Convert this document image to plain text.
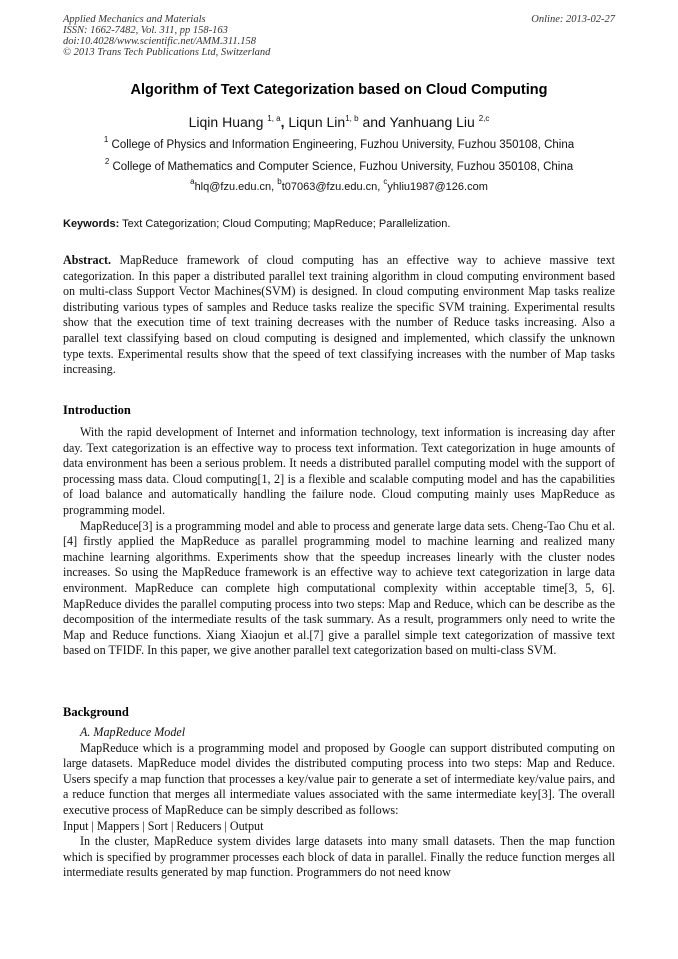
Applied Mechanics and Materials
ISSN: 1662-7482, Vol. 311, pp 158-163
doi:10.4028/www.scientific.net/AMM.311.158
© 2013 Trans Tech Publications Ltd, Switzerland
Online: 2013-02-27
Algorithm of Text Categorization based on Cloud Computing
Liqin Huang $^{1, a}$, Liqun Lin$^{1, b}$ and Yanhuang Liu $^{2,c}$
$^1$ College of Physics and Information Engineering, Fuzhou University, Fuzhou 350108, China
$^2$ College of Mathematics and Computer Science, Fuzhou University, Fuzhou 350108, China
$^a$hlq@fzu.edu.cn, $^b$t07063@fzu.edu.cn, $^c$yhliu1987@126.com
Keywords: Text Categorization; Cloud Computing; MapReduce; Parallelization.
Abstract. MapReduce framework of cloud computing has an effective way to achieve massive text categorization. In this paper a distributed parallel text training algorithm in cloud computing environment based on multi-class Support Vector Machines(SVM) is designed. In cloud computing environment Map tasks realize distributing various types of samples and Reduce tasks realize the specific SVM training. Experimental results show that the execution time of text training decreases with the number of Reduce tasks increasing. Also a parallel text classifying based on cloud computing is designed and implemented, which classify the unknown type texts. Experimental results show that the speed of text classifying increases with the number of Map tasks increasing.
Introduction

With the rapid development of Internet and information technology, text information is increasing day after day. Text categorization is an effective way to process text information. Text categorization in huge amounts of data environment has been a serious problem. It needs a distributed parallel computing model with the support of processing mass data. Cloud computing[1, 2] is a flexible and scalable computing model and has the capabilities of load balance and automatically handling the failure node. Cloud computing mainly uses MapReduce as programming model.

MapReduce[3] is a programming model and able to process and generate large data sets. Cheng-Tao Chu et al.[4] firstly applied the MapReduce as parallel programming model to machine learning and realized many machine learning algorithms. Experiments show that the speedup increases linearly with the cluster nodes increases. So using the MapReduce framework is an effective way to achieve text categorization in large data environment. MapReduce can complete high computational complexity within acceptable time[3, 5, 6]. MapReduce divides the parallel computing process into two steps: Map and Reduce, which can be describe as the decomposition of the intermediate results of the task summary. As a result, programmers only need to write the Map and Reduce functions. Xiang Xiaojun et al.[7] give a parallel simple text categorization of massive text based on TFIDF. In this paper, we give another parallel text categorization based on multi-class SVM.

Background

A. MapReduce Model

MapReduce which is a programming model and proposed by Google can support distributed computing on large datasets. MapReduce model divides the distributed computing process into two steps: Map and Reduce. Users specify a map function that processes a key/value pair to generate a set of intermediate key/value pairs, and a reduce function that merges all intermediate values associated with the same intermediate key[3]. The overall executive process of MapReduce can be simply described as follows:

Input | Mappers | Sort | Reducers | Output

In the cluster, MapReduce system divides large datasets into many small datasets. Then the map function which is specified by programmer processes each block of data in parallel. Finally the reduce function merges all intermediate results generated by map function. Programmers do not need know
